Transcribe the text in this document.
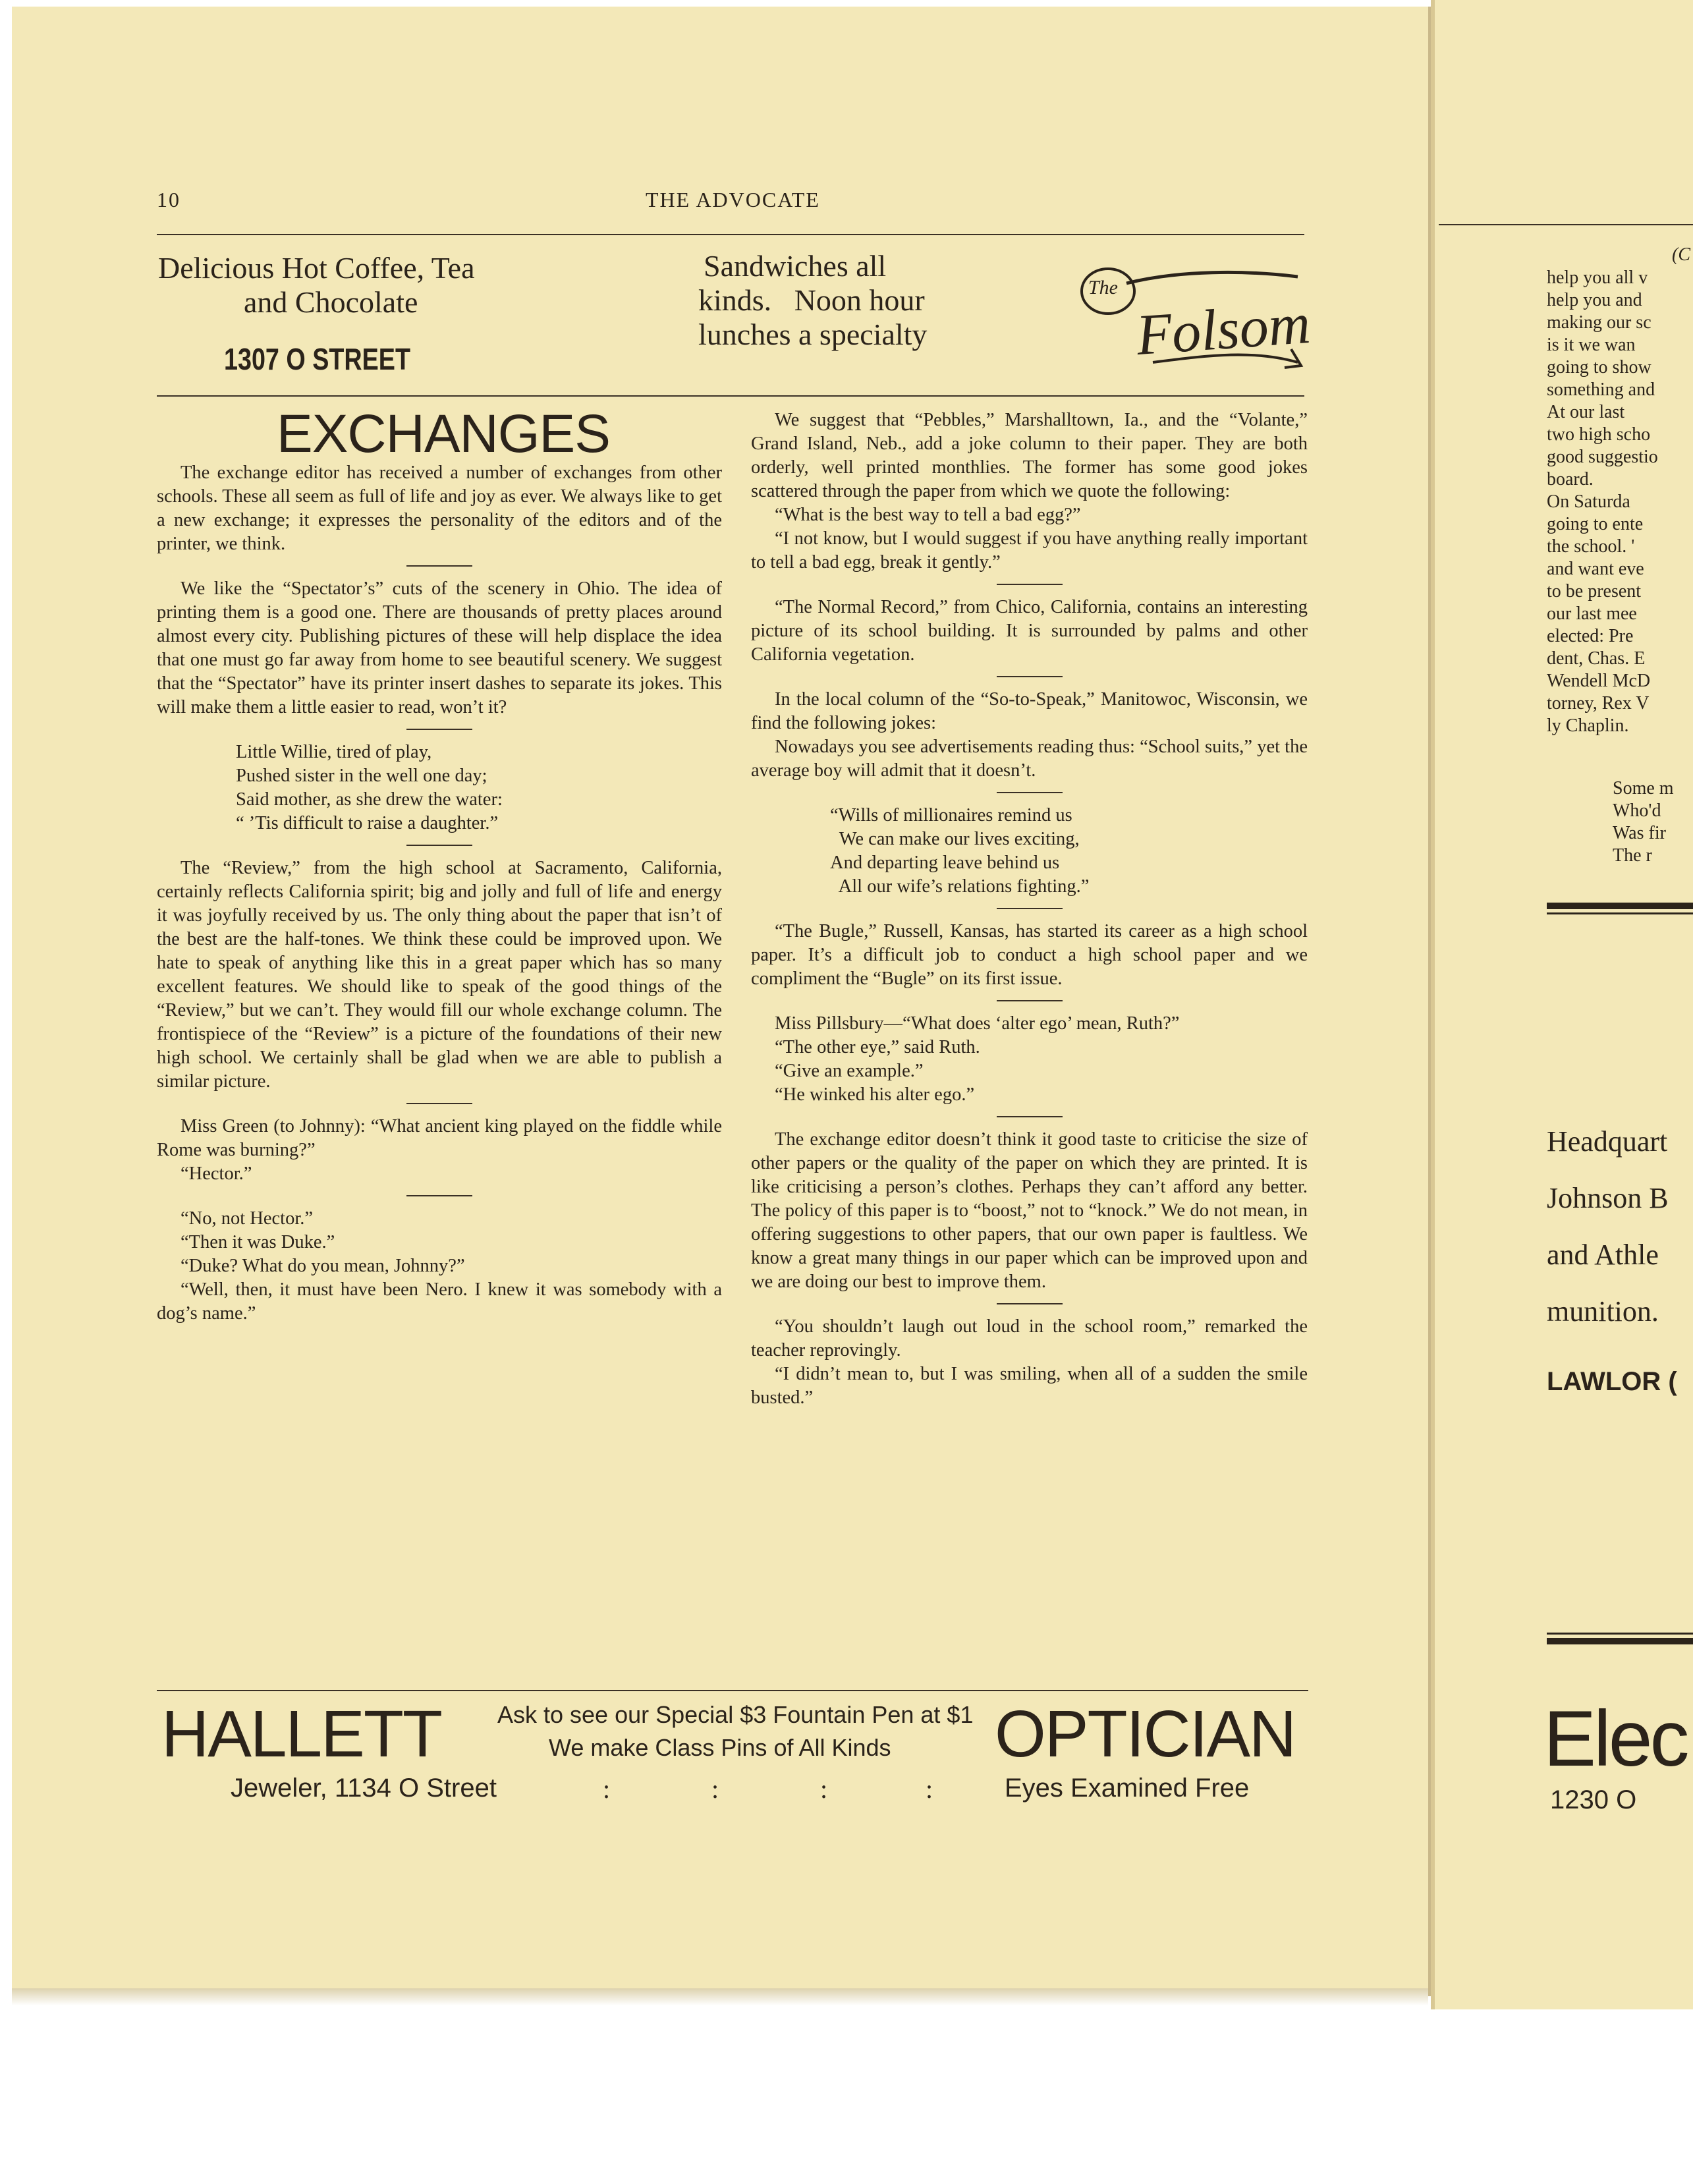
10	THE ADVOCATE
Delicious Hot Coffee, Tea
and Chocolate
1307 O STREET
Sandwiches all
kinds.   Noon hour
lunches a specialty
The
Folsom
EXCHANGES

The exchange editor has received a number of exchanges from other schools. These all seem as full of life and joy as ever. We always like to get a new exchange; it expresses the personality of the editors and of the printer, we think.

We like the “Spectator’s” cuts of the scenery in Ohio. The idea of printing them is a good one. There are thousands of pretty places around almost every city. Publishing pictures of these will help displace the idea that one must go far away from home to see beautiful scenery. We suggest that the “Spectator” have its printer insert dashes to separate its jokes. This will make them a little easier to read, won’t it?

Little Willie, tired of play,
Pushed sister in the well one day;
Said mother, as she drew the water:
“ ’Tis difficult to raise a daughter.”

The “Review,” from the high school at Sacramento, California, certainly reflects California spirit; big and jolly and full of life and energy it was joyfully received by us. The only thing about the paper that isn’t of the best are the half-tones. We think these could be improved upon. We hate to speak of anything like this in a great paper which has so many excellent features. We should like to speak of the good things of the “Review,” but we can’t. They would fill our whole exchange column. The frontispiece of the “Review” is a picture of the foundations of their new high school. We certainly shall be glad when we are able to publish a similar picture.

Miss Green (to Johnny): “What ancient king played on the fiddle while Rome was burning?”

“Hector.”

“No, not Hector.”

“Then it was Duke.”

“Duke? What do you mean, Johnny?”

“Well, then, it must have been Nero. I knew it was somebody with a dog’s name.”

We suggest that “Pebbles,” Marshalltown, Ia., and the “Volante,” Grand Island, Neb., add a joke column to their paper. They are both orderly, well printed monthlies. The former has some good jokes scattered through the paper from which we quote the following:

“What is the best way to tell a bad egg?”

“I not know, but I would suggest if you have anything really important to tell a bad egg, break it gently.”

“The Normal Record,” from Chico, California, contains an interesting picture of its school building. It is surrounded by palms and other California vegetation.

In the local column of the “So-to-Speak,” Manitowoc, Wisconsin, we find the following jokes:

Nowadays you see advertisements reading thus: “School suits,” yet the average boy will admit that it doesn’t.

“Wills of millionaires remind us
We can make our lives exciting,
And departing leave behind us
All our wife’s relations fighting.”

“The Bugle,” Russell, Kansas, has started its career as a high school paper. It’s a difficult job to conduct a high school paper and we compliment the “Bugle” on its first issue.

Miss Pillsbury—“What does ‘alter ego’ mean, Ruth?”

“The other eye,” said Ruth.

“Give an example.”

“He winked his alter ego.”

The exchange editor doesn’t think it good taste to criticise the size of other papers or the quality of the paper on which they are printed. It is like criticising a person’s clothes. Perhaps they can’t afford any better. The policy of this paper is to “boost,” not to “knock.” We do not mean, in offering suggestions to other papers, that our own paper is faultless. We know a great many things in our paper which can be improved upon and we are doing our best to improve them.

“You shouldn’t laugh out loud in the school room,” remarked the teacher reprovingly.

“I didn’t mean to, but I was smiling, when all of a sudden the smile busted.”

HALLETT Ask to see our Special $3 Fountain Pen at $1
We make Class Pins of All Kinds OPTICIAN
Jeweler, 1134 O Street	:	:	:	:	Eyes Examined Free
(C
help you all v
help you and
making our sc
is it we wan
going to show
something and
At our last
two high scho
good suggestio
board.
On Saturda
going to ente
the school. '
and want eve
to be present
our last mee
elected: Pre
dent, Chas. E
Wendell McD
torney, Rex V
ly Chaplin.
Some m
Who'd
Was fir
The r
Headquart
Johnson B
and Athle
munition.
LAWLOR (
Elec
1230 O
